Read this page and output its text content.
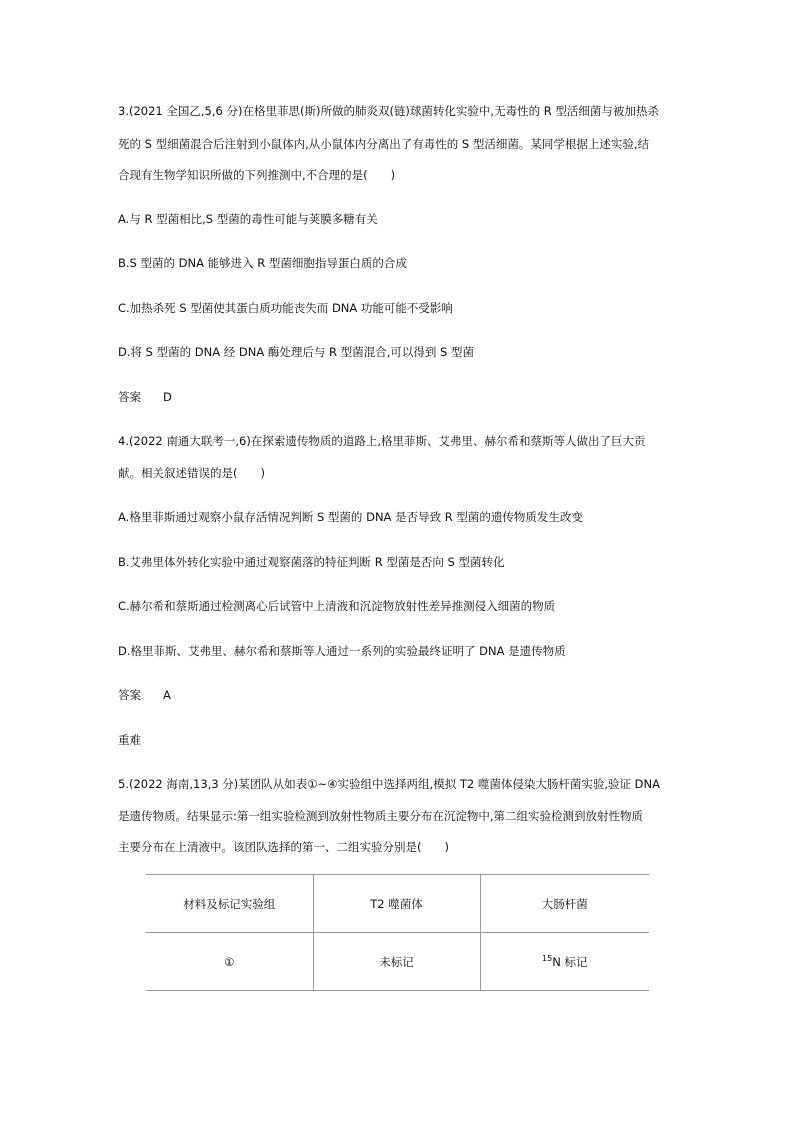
3.(2021 全国乙,5,6 分)在格里菲思(斯)所做的肺炎双(链)球菌转化实验中,无毒性的 R 型活细菌与被加热杀
死的 S 型细菌混合后注射到小鼠体内,从小鼠体内分离出了有毒性的 S 型活细菌。某同学根据上述实验,结
合现有生物学知识所做的下列推测中,不合理的是(　　)
A.与 R 型菌相比,S 型菌的毒性可能与荚膜多糖有关
B.S 型菌的 DNA 能够进入 R 型菌细胞指导蛋白质的合成
C.加热杀死 S 型菌使其蛋白质功能丧失而 DNA 功能可能不受影响
D.将 S 型菌的 DNA 经 DNA 酶处理后与 R 型菌混合,可以得到 S 型菌
答案 D
4.(2022 南通大联考一,6)在探索遗传物质的道路上,格里菲斯、艾弗里、赫尔希和蔡斯等人做出了巨大贡
献。相关叙述错误的是(　　)
A.格里菲斯通过观察小鼠存活情况判断 S 型菌的 DNA 是否导致 R 型菌的遗传物质发生改变
B.艾弗里体外转化实验中通过观察菌落的特征判断 R 型菌是否向 S 型菌转化
C.赫尔希和蔡斯通过检测离心后试管中上清液和沉淀物放射性差异推测侵入细菌的物质
D.格里菲斯、艾弗里、赫尔希和蔡斯等人通过一系列的实验最终证明了 DNA 是遗传物质
答案 A
重难
5.(2022 海南,13,3 分)某团队从如表①~④实验组中选择两组,模拟 T2 噬菌体侵染大肠杆菌实验,验证 DNA
是遗传物质。结果显示:第一组实验检测到放射性物质主要分布在沉淀物中,第二组实验检测到放射性物质
主要分布在上清液中。该团队选择的第一、二组实验分别是(　　)
材料及标记实验组	T2 噬菌体	大肠杆菌
①	未标记	$^{15}$N 标记
